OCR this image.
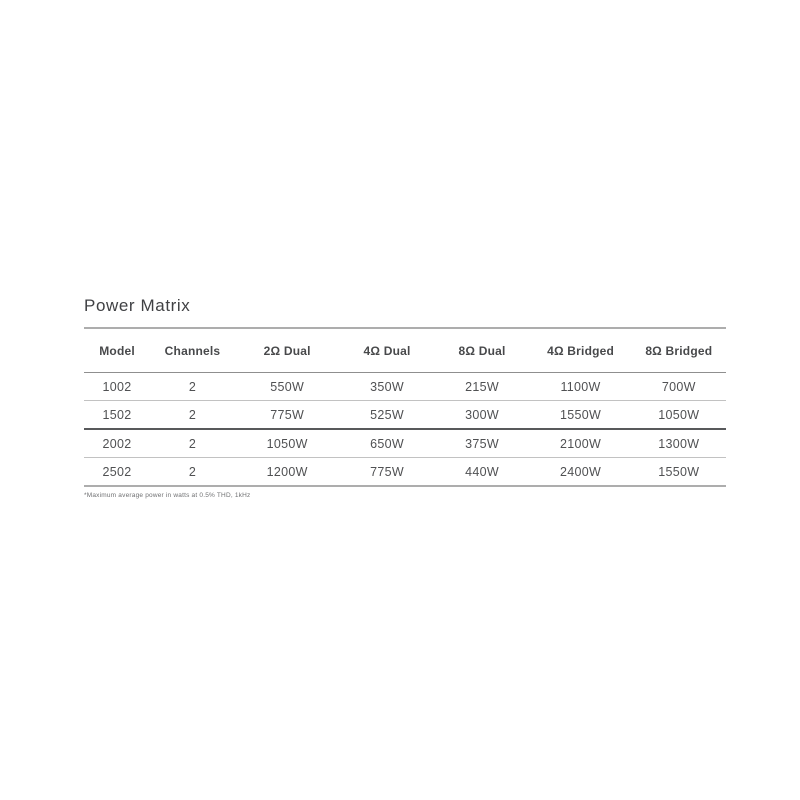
Power Matrix
Model	Channels	2Ω Dual	4Ω Dual	8Ω Dual	4Ω Bridged	8Ω Bridged
1002	2	550W	350W	215W	1100W	700W
1502	2	775W	525W	300W	1550W	1050W
2002	2	1050W	650W	375W	2100W	1300W
2502	2	1200W	775W	440W	2400W	1550W
*Maximum average power in watts at 0.5% THD, 1kHz
